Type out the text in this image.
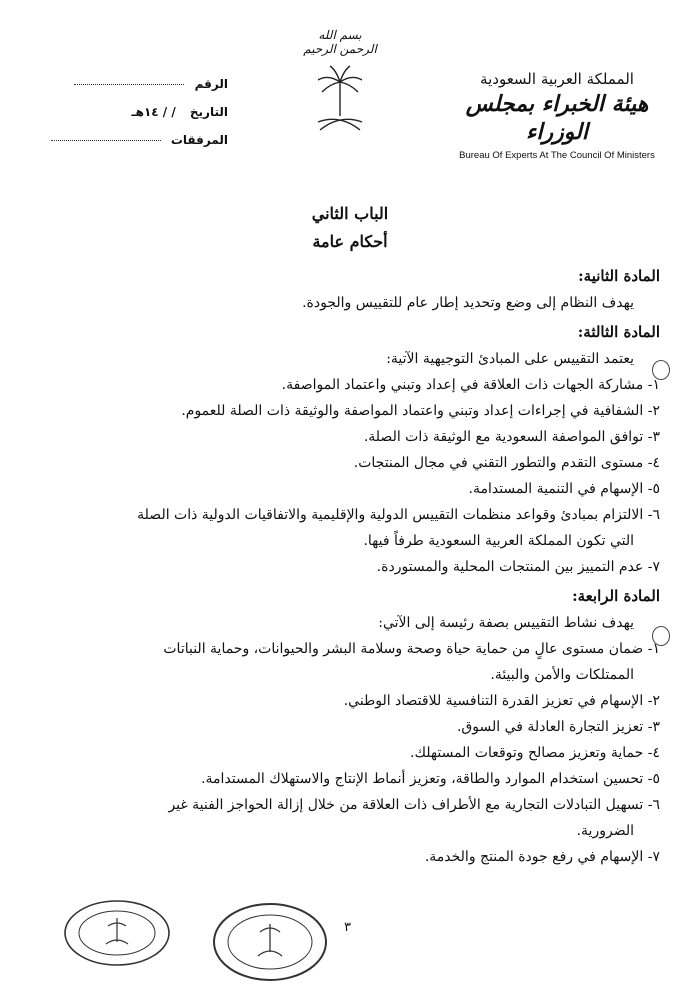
المملكة العربية السعودية
هيئة الخبراء بمجلس الوزراء
Bureau Of Experts At The Council Of Ministers
بسم الله الرحمن الرحيم
الرقم
التاريخ / / ١٤هـ
المرفقات
الباب الثاني
أحكام عامة
المادة الثانية:
يهدف النظام إلى وضع وتحديد إطار عام للتقييس والجودة.
المادة الثالثة:
يعتمد التقييس على المبادئ التوجيهية الآتية:
١- مشاركة الجهات ذات العلاقة في إعداد وتبني واعتماد المواصفة.
٢- الشفافية في إجراءات إعداد وتبني واعتماد المواصفة والوثيقة ذات الصلة للعموم.
٣- توافق المواصفة السعودية مع الوثيقة ذات الصلة.
٤- مستوى التقدم والتطور التقني في مجال المنتجات.
٥- الإسهام في التنمية المستدامة.
٦- الالتزام بمبادئ وقواعد منظمات التقييس الدولية والإقليمية والاتفاقيات الدولية ذات الصلة
التي تكون المملكة العربية السعودية طرفاً فيها.
٧- عدم التمييز بين المنتجات المحلية والمستوردة.
المادة الرابعة:
يهدف نشاط التقييس بصفة رئيسة إلى الآتي:
١- ضمان مستوى عالٍ من حماية حياة وصحة وسلامة البشر والحيوانات، وحماية النباتات
الممتلكات والأمن والبيئة.
٢- الإسهام في تعزيز القدرة التنافسية للاقتصاد الوطني.
٣- تعزيز التجارة العادلة في السوق.
٤- حماية وتعزيز مصالح وتوقعات المستهلك.
٥- تحسين استخدام الموارد والطاقة، وتعزيز أنماط الإنتاج والاستهلاك المستدامة.
٦- تسهيل التبادلات التجارية مع الأطراف ذات العلاقة من خلال إزالة الحواجز الفنية غير
الضرورية.
٧- الإسهام في رفع جودة المنتج والخدمة.
٣
